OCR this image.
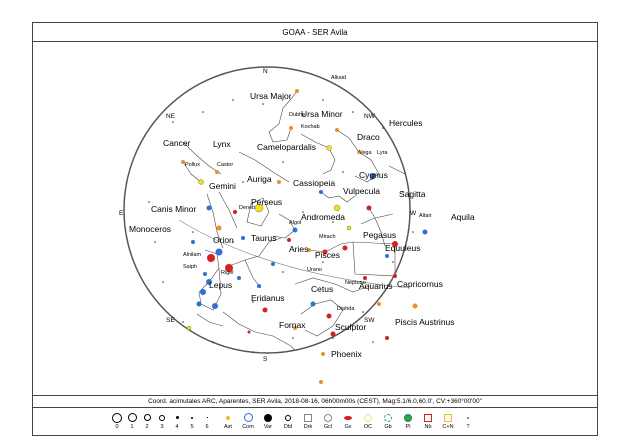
GOAA - SER Avila
N
NE	NW
E	W
SE	SW
S
Ursa Major
Ursa Minor
Hercules
Cancer	Lynx	Camelopardalis
Draco
Cygnus
Gemini
Auriga	Cassiopeia
Vulpecula Sagitta
Canis Minor
Perseus
Andromeda	Aquila
Monoceros
Orion Taurus
Aries
Pegasus
Equuleus
Pisces
Lepus	Cetus	Aquarius Capricornus
Eridanus
Fornax	Sculptor	Piscis Austrinus
Phoenix
Alkaid
Dubhe
Kochab
Vega Lyra
Pollux	Castor
Deneb
Algol
Altair
Mirach
Alnilam
Saiph
Rigel
Diphda
Urano
Neptuno
Coord. acimutales ARC, Aparentes, SER Avila, 2018-08-16, 06h00m00s (CEST), Mag:5.1/6.0,60.0', CV:+360°00'00"
0	1	2	3	4	5	6	Ast	Com	Var	Dbl	Drk	Gcl	Gx	OC	Gb	Pl	Nb	C+N	?
